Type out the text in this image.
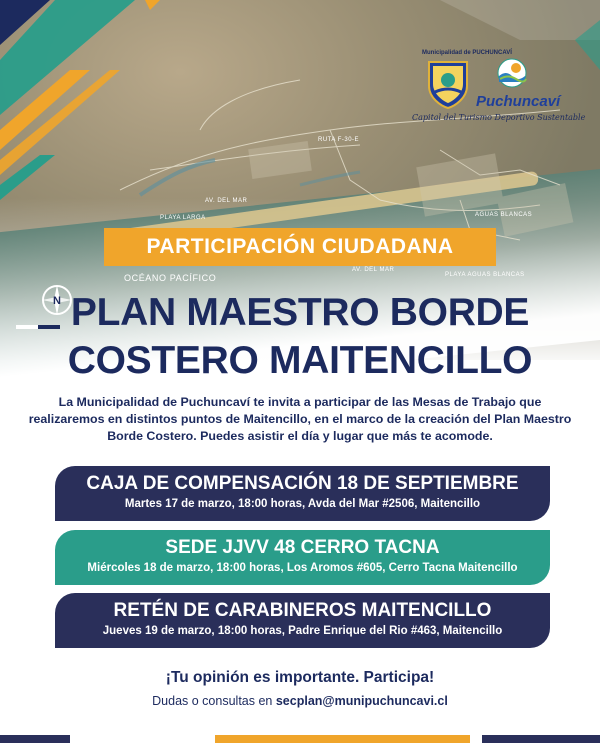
AV. DEL MAR
AV. DEL MAR
PLAYA AGUAS BLANCAS
AGUAS BLANCAS
RUTA F-30-E
PLAYA LARGA
Municipalidad de PUCHUNCAVÍ
Puchuncaví
Capital del Turismo Deportivo Sustentable
PARTICIPACIÓN CIUDADANA
OCÉANO PACÍFICO
N PLAN MAESTRO BORDE
COSTERO MAITENCILLO
La Municipalidad de Puchuncaví te invita a participar de las Mesas de Trabajo que realizaremos en distintos puntos de Maitencillo, en el marco de la creación del Plan Maestro Borde Costero. Puedes asistir el día y lugar que más te acomode.
CAJA DE COMPENSACIÓN 18 DE SEPTIEMBRE
Martes 17 de marzo, 18:00 horas, Avda del Mar #2506, Maitencillo
SEDE JJVV 48 CERRO TACNA
Miércoles 18 de marzo, 18:00 horas, Los Aromos #605, Cerro Tacna Maitencillo
RETÉN DE CARABINEROS MAITENCILLO
Jueves 19 de marzo, 18:00 horas, Padre Enrique del Rio #463, Maitencillo
¡Tu opinión es importante. Participa!
Dudas o consultas en secplan@munipuchuncavi.cl
